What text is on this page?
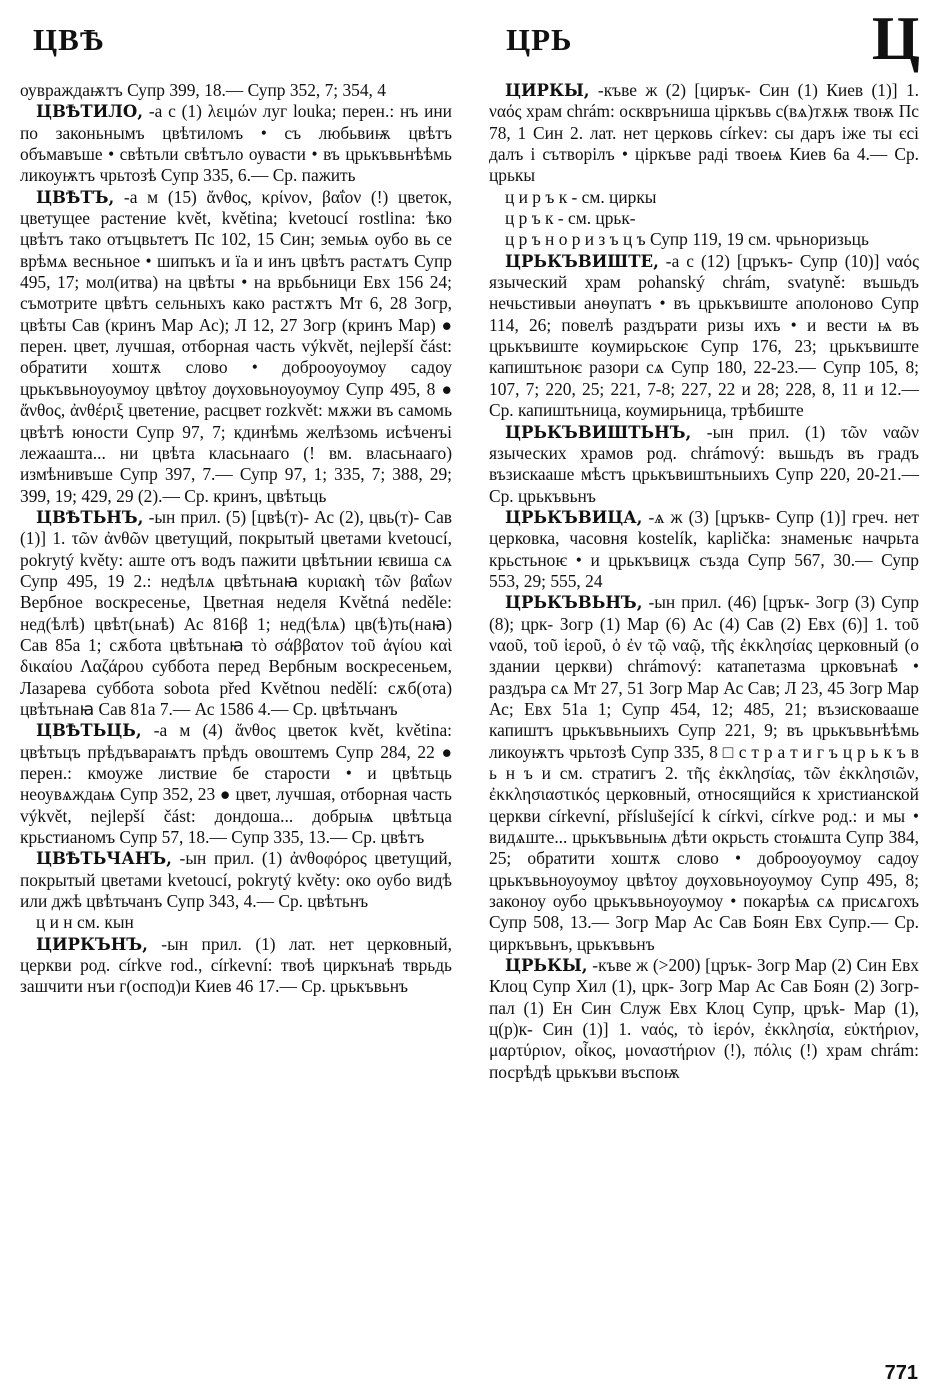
ЦВѢ	ЦРЬ	Ц

оувраждаѭтъ Супр 399, 18.— Супр 352, 7; 354, 4

ЦВѢТИЛО, -а с (1) λειμών луг louka; перен.: нъ ини по законьнымъ цвѣтиломъ • съ любьвиѭ цвѣтъ объмавъше • свѣтьли свѣтъло оувасти • въ црькъвьнѣѣмь ликоуѭтъ чрьтозѣ Супр 335, 6.— Ср. пажить

ЦВѢТЪ, -а м (15) ἄνθος, κρίνον, βαΐον (!) цветок, цветущее растение květ, květina; kvetoucí rostlina: ѣко цвѣтъ тако отъцвьтетъ Пс 102, 15 Син; земьѩ оубо вь се врѣмѧ весньное • шипъкъ и їа и инъ цвѣтъ растѧтъ Супр 495, 17; мол(итва) на цвѣты • на врьбьници Евх 156 24; съмотрите цвѣтъ сельныхъ како растѫтъ Мт 6, 28 Зогр, цвѣты Сав (кринъ Мар Ас); Л 12, 27 Зогр (кринъ Мар) ● перен. цвет, лучшая, отборная часть výkvět, nejlepší část: обратити хоштѫ слово • доброоуоумоу садоу црькъвьноуоумоу цвѣтоу дѹховьноуоумоу Супр 495, 8 ● ἄνθος, ἀνθέριξ цветение, расцвет rozkvět: мѫжи въ самомь цвѣтѣ юности Супр 97, 7; кдинѣмь желѣзомь исѣченъі лежаашта... ни цвѣта класьнааго (! вм. власьнааго) измѣнивъше Супр 397, 7.— Супр 97, 1; 335, 7; 388, 29; 399, 19; 429, 29 (2).— Ср. кринъ, цвѣтьць

ЦВѢТЬНЪ, -ын прил. (5) [цвѣ(т)- Ас (2), цвь(т)- Сав (1)] 1. τῶν ἀνθῶν цветущий, покрытый цветами kvetoucí, pokrytý květy: аште отъ водъ пажити цвѣтьнии ѥвиша сѧ Супр 495, 19 2.: недѣлѧ цвѣтьнаꙗ κυριακὴ τῶν βαΐων Вербное воскресенье, Цветная неделя Květná neděle: нед(ѣлѣ) цвѣт(ьнаѣ) Ас 816β 1; нед(ѣлѧ) цв(ѣ)ть(наꙗ) Сав 85а 1; сѫбота цвѣтьнаꙗ τὸ σάββατον τοῦ ἁγίου καὶ δικαίου Λαζάρου суббота перед Вербным воскресеньем, Лазарева суббота sobota před Květnou nedělí: сѫб(ота) цвѣтьнаꙗ Сав 81а 7.— Ас 1586 4.— Ср. цвѣтьчанъ

ЦВѢТЬЦЬ, -а м (4) ἄνθος цветок květ, květina: цвѣтьцъ прѣдъвараѩтъ прѣдъ овоштемъ Супр 284, 22 ● перен.: кмоуже листвие бе старости • и цвѣтьць неоувѧждаѩ Супр 352, 23 ● цвет, лучшая, отборная часть výkvět, nejlepší část: дондоша... добрыѩ цвѣтьца крьстианомъ Супр 57, 18.— Супр 335, 13.— Ср. цвѣтъ

ЦВѢТЬЧАНЪ, -ын прил. (1) ἀνθοφόρος цветущий, покрытый цветами kvetoucí, pokrytý květy: око оубо видѣ или джѣ цвѣтьчанъ Супр 343, 4.— Ср. цвѣтьнъ

ц и н см. кын

ЦИРКЪНЪ, -ын прил. (1) лат. нет церковный, церкви род. církve rod., církevní: твоѣ циркънаѣ тврьдь зашчити нъи г(оспод)и Киев 46 17.— Ср. црькъвьнъ

ЦИРКЫ, -къве ж (2) [цирък- Син (1) Киев (1)] 1. ναός храм chrám: осквръниша ціркъвь с(вѧ)тѫѭ твоѭ Пс 78, 1 Син 2. лат. нет церковь církev: сы даръ іже ты єсі далъ і сътворілъ • ціркъве раді твоеѩ Киев 6а 4.— Ср. црькы

ц и р ъ к - см. циркы

ц р ъ к - см. црьк-

ц р ъ н о р и з ъ ц ъ Супр 119, 19 см. чрьноризьць

ЦРЬКЪВИШТЕ, -а с (12) [цръкъ- Супр (10)] ναός языческий храм pohanský chrám, svatyně: въшьдъ нечьстивыи анѳупатъ • въ црькъвиште аполоново Супр 114, 26; повелѣ раздърати ризы ихъ • и вести ѩ въ црькъвиште коумирьскоѥ Супр 176, 23; црькъвиште капиштьноѥ разори сѧ Супр 180, 22-23.— Супр 105, 8; 107, 7; 220, 25; 221, 7-8; 227, 22 и 28; 228, 8, 11 и 12.— Ср. капиштьница, коумирьница, трѣбиште

ЦРЬКЪВИШТЬНЪ, -ын прил. (1) τῶν ναῶν языческих храмов род. chrámový: вьшьдъ въ градъ възискааше мѣстъ црькъвиштьныихъ Супр 220, 20-21.— Ср. црькъвьнъ

ЦРЬКЪВИЦА, -ѧ ж (3) [цръкв- Супр (1)] греч. нет церковка, часовня kostelík, kaplička: знаменьѥ начрьта крьстьноѥ • и црькъвицѫ създа Супр 567, 30.— Супр 553, 29; 555, 24

ЦРЬКЪВЬНЪ, -ын прил. (46) [црък- Зогр (3) Супр (8); црк- Зогр (1) Мар (6) Ас (4) Сав (2) Евх (6)] 1. τοῦ ναοῦ, τοῦ ἱεροῦ, ὁ ἐν τῷ ναῷ, τῆς ἐκκλησίας церковный (о здании церкви) chrámový: катапетазма црковънаѣ • раздъра сѧ Мт 27, 51 Зогр Мар Ас Сав; Л 23, 45 Зогр Мар Ас; Евх 51а 1; Супр 454, 12; 485, 21; възисковааше капиштъ црькъвьныихъ Супр 221, 9; въ црькъвьнѣѣмь ликоуѭтъ чрьтозѣ Супр 335, 8 □ с т р а т и г ъ ц р ь к ъ в ь н ъ и см. стратигъ 2. τῆς ἐκκλησίας, τῶν ἐκκλησιῶν, ἐκκλησιαστικός церковный, относящийся к христианской церкви církevní, příslušející k církvi, církve род.: и мы • видѧште... црькъвьныѩ дѣти окрьсть стоѩшта Супр 384, 25; обратити хоштѫ слово • доброоуоумоу садоу црькъвьноуоумоу цвѣтоу дѹховьноуоумоу Супр 495, 8; законоу оубо црькъвьноуоумоу • покарѣѩ сѧ присѧгохъ Супр 508, 13.— Зогр Мар Ас Сав Боян Евх Супр.— Ср. циркъвьнъ, црькъвьнъ

ЦРЬКЫ, -къве ж (>200) [црък- Зогр Мар (2) Син Евх Клоц Супр Хил (1), црк- Зогр Мар Ас Сав Боян (2) Зогр-пал (1) Ен Син Служ Евх Клоц Супр, цръk- Мар (1), ц(р)к- Син (1)] 1. ναός, τὸ ἱερόν, ἐκκλησία, εὐκτήριον, μαρτύριον, οἶκος, μοναστήριον (!), πόλις (!) храм chrám: посрѣдѣ црькъви въспоѭ

771
